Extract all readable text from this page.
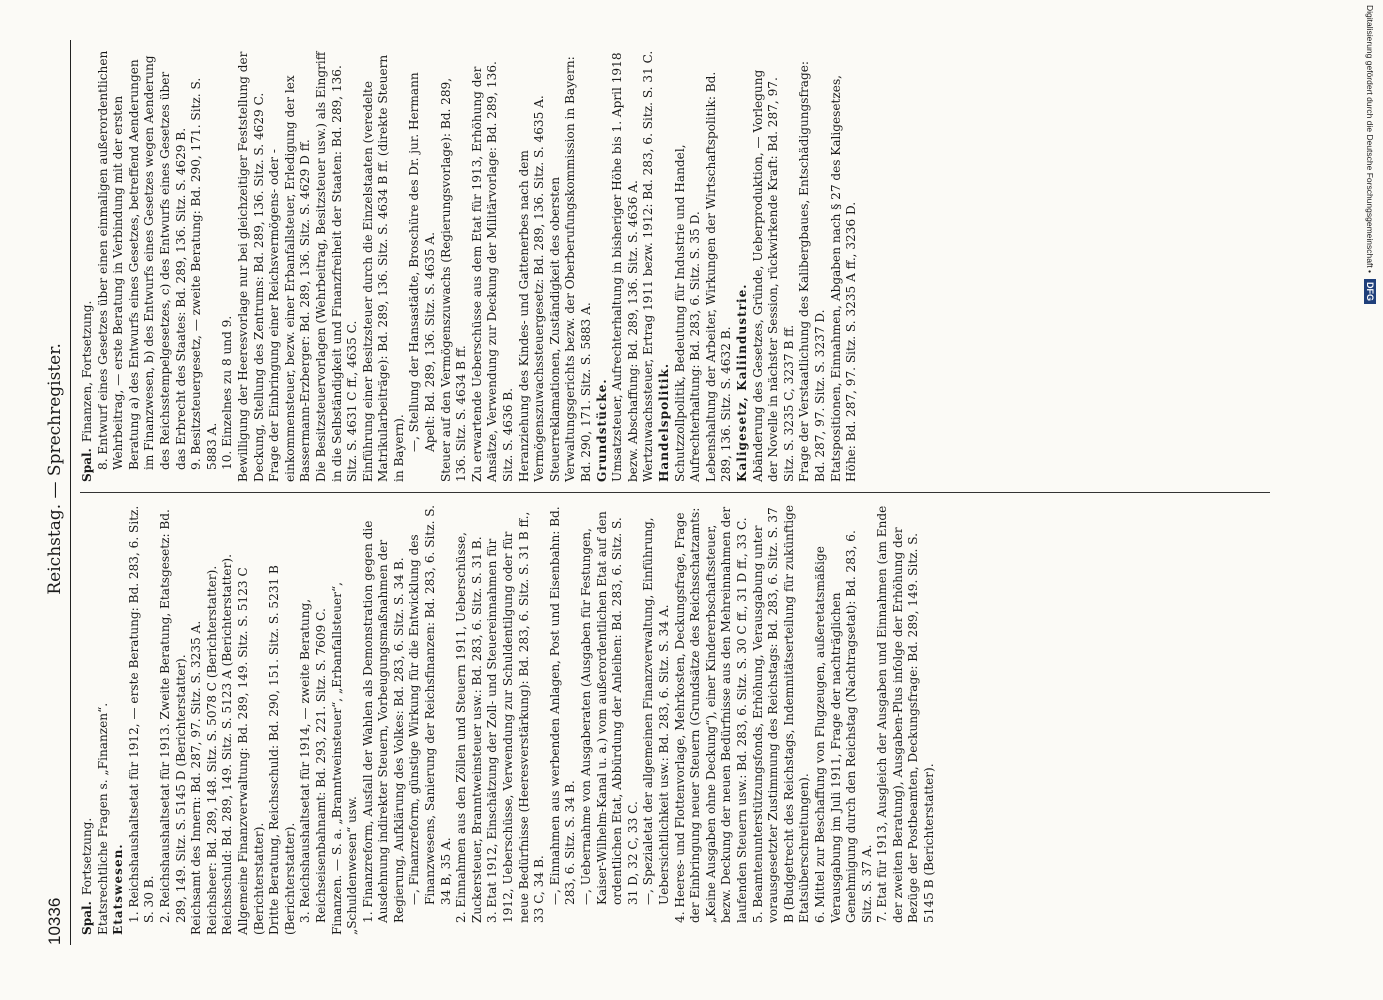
10336
Reichstag. — Sprechregister.
Spal.Fortsetzung. Etatsrechtliche Fragen s. „Finanzen“. Etatswesen. 1. Reichshaushaltsetat für 1912, — erste Beratung: Bd. 283, 6. Sitz. S. 30 B. 2. Reichshaushaltsetat für 1913. Zweite Beratung, Etatsgesetz: Bd. 289, 149. Sitz. S. 5145 D (Berichterstatter). Reichsamt des Innern: Bd. 287, 97. Sitz. S. 3235 A. Reichsheer: Bd. 289, 148. Sitz. S. 5078 C (Berichterstatter). Reichsschuld: Bd. 289, 149. Sitz. S. 5123 A (Berichterstatter). Allgemeine Finanzverwaltung: Bd. 289, 149. Sitz. S. 5123 C (Berichterstatter). Dritte Beratung, Reichsschuld: Bd. 290, 151. Sitz. S. 5231 B (Berichterstatter). 3. Reichshaushaltsetat für 1914, — zweite Beratung, Reichseisenbahnamt: Bd. 293, 221. Sitz. S. 7609 C. Finanzen. — S. a. „Branntweinsteuer“, „Erbanfallsteuer“, „Schuldenwesen“ usw. 1. Finanzreform, Ausfall der Wahlen als Demonstration gegen die Ausdehnung indirekter Steuern, Vorbeugungsmaßnahmen der Regierung, Aufklärung des Volkes: Bd. 283, 6. Sitz. S. 34 B. —, Finanzreform, günstige Wirkung für die Entwicklung des Finanzwesens, Sanierung der Reichsfinanzen: Bd. 283, 6. Sitz. S. 34 B, 35 A. 2. Einnahmen aus den Zöllen und Steuern 1911, Ueberschüsse, Zuckersteuer, Branntweinsteuer usw.: Bd. 283, 6. Sitz. S. 31 B. 3. Etat 1912, Einschätzung der Zoll- und Steuereinnahmen für 1912, Ueberschüsse, Verwendung zur Schuldentilgung oder für neue Bedürfnisse (Heeresverstärkung): Bd. 283, 6. Sitz. S. 31 B ff., 33 C, 34 B. —, Einnahmen aus werbenden Anlagen, Post und Eisenbahn: Bd. 283, 6. Sitz. S. 34 B. —, Uebernahme von Ausgaberaten (Ausgaben für Festungen, Kaiser-Wilhelm-Kanal u. a.) vom außerordentlichen Etat auf den ordentlichen Etat, Abbürdung der Anleihen: Bd. 283, 6. Sitz. S. 31 D, 32 C, 33 C. —, Spezialetat der allgemeinen Finanzverwaltung, Einführung, Uebersichtlichkeit usw.: Bd. 283, 6. Sitz. S. 34 A. 4. Heeres- und Flottenvorlage, Mehrkosten, Deckungsfrage, Frage der Einbringung neuer Steuern (Grundsätze des Reichsschatzamts: „Keine Ausgaben ohne Deckung“), einer Kindererbschaftssteuer, bezw. Deckung der neuen Bedürfnisse aus den Mehreinnahmen der laufenden Steuern usw.: Bd. 283, 6. Sitz. S. 30 C ff., 31 D ff., 33 C. 5. Beamtenunterstützungsfonds, Erhöhung, Verausgabung unter vorausgesetzter Zustimmung des Reichstags: Bd. 283, 6. Sitz. S. 37 B (Budgetrecht des Reichstags, Indemnitätserteilung für zukünftige Etatsüberschreitungen). 6. Mittel zur Beschaffung von Flugzeugen, außeretatsmäßige Verausgabung im Juli 1911, Frage der nachträglichen Genehmigung durch den Reichstag (Nachtragsetat): Bd. 283, 6. Sitz. S. 37 A. 7. Etat für 1913, Ausgleich der Ausgaben und Einnahmen (am Ende der zweiten Beratung), Ausgaben-Plus infolge der Erhöhung der Bezüge der Postbeamten, Deckungsfrage: Bd. 289, 149. Sitz. S. 5145 B (Berichterstatter).
Spal.Finanzen, Fortsetzung. 8. Entwurf eines Gesetzes über einen einmaligen außerordentlichen Wehrbeitrag, — erste Beratung in Verbindung mit der ersten Beratung a) des Entwurfs eines Gesetzes, betreffend Aenderungen im Finanzwesen, b) des Entwurfs eines Gesetzes wegen Aenderung des Reichsstempelgesetzes, c) des Entwurfs eines Gesetzes über das Erbrecht des Staates: Bd. 289, 136. Sitz. S. 4629 B. 9. Besitzsteuergesetz, — zweite Beratung: Bd. 290, 171. Sitz. S. 5883 A. 10. Einzelnes zu 8 und 9. Bewilligung der Heeresvorlage nur bei gleichzeitiger Feststellung der Deckung, Stellung des Zentrums: Bd. 289, 136. Sitz. S. 4629 C. Frage der Einbringung einer Reichsvermögens- oder -einkommensteuer, bezw. einer Erbanfallsteuer, Erledigung der lex Bassermann-Erzberger: Bd. 289, 136. Sitz. S. 4629 D ff. Die Besitzsteuervorlagen (Wehrbeitrag, Besitzsteuer usw.) als Eingriff in die Selbständigkeit und Finanzfreiheit der Staaten: Bd. 289, 136. Sitz. S. 4631 C ff., 4635 C. Einführung einer Besitzsteuer durch die Einzelstaaten (veredelte Matrikularbeiträge): Bd. 289, 136. Sitz. S. 4634 B ff. (direkte Steuern in Bayern). —, Stellung der Hansastädte, Broschüre des Dr. jur. Hermann Apelt: Bd. 289, 136. Sitz. S. 4635 A. Steuer auf den Vermögenszuwachs (Regierungsvorlage): Bd. 289, 136. Sitz. S. 4634 B ff. Zu erwartende Ueberschüsse aus dem Etat für 1913, Erhöhung der Ansätze, Verwendung zur Deckung der Militärvorlage: Bd. 289, 136. Sitz. S. 4636 B. Heranziehung des Kindes- und Gattenerbes nach dem Vermögenszuwachssteuergesetz: Bd. 289, 136. Sitz. S. 4635 A. Steuerreklamationen, Zuständigkeit des obersten Verwaltungsgerichts bezw. der Oberberufungskommission in Bayern: Bd. 290, 171. Sitz. S. 5883 A. Grundstücke. Umsatzsteuer, Aufrechterhaltung in bisheriger Höhe bis 1. April 1918 bezw. Abschaffung: Bd. 289, 136. Sitz. S. 4636 A. Wertzuwachssteuer, Ertrag 1911 bezw. 1912: Bd. 283, 6. Sitz. S. 31 C. Handelspolitik. Schutzzollpolitik, Bedeutung für Industrie und Handel, Aufrechterhaltung: Bd. 283, 6. Sitz. S. 35 D. Lebenshaltung der Arbeiter, Wirkungen der Wirtschaftspolitik: Bd. 289, 136. Sitz. S. 4632 B. Kaligesetz, Kaliindustrie. Abänderung des Gesetzes, Gründe, Ueberproduktion, — Vorlegung der Novelle in nächster Session, rückwirkende Kraft: Bd. 287, 97. Sitz. S. 3235 C, 3237 B ff. Frage der Verstaatlichung des Kalibergbaues, Entschädigungsfrage: Bd. 287, 97. Sitz. S. 3237 D. Etatspositionen, Einnahmen, Abgaben nach § 27 des Kaligesetzes, Höhe: Bd. 287, 97. Sitz. S. 3235 A ff., 3236 D.
Digitalisierung gefördert durch die Deutsche Forschungsgemeinschaft •
DFG
